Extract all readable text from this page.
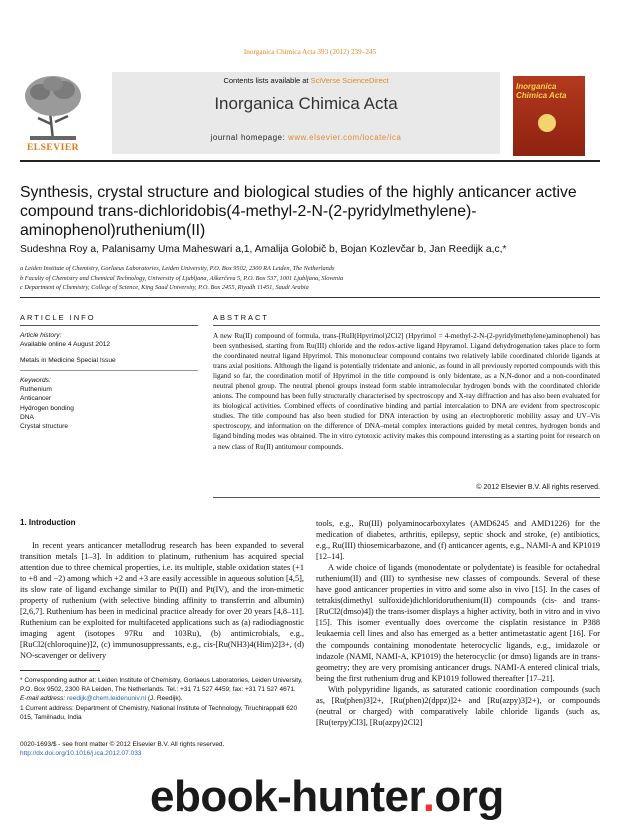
Inorganica Chimica Acta 393 (2012) 239–245
ELSEVIER
Contents lists available at SciVerse ScienceDirect
Inorganica Chimica Acta
journal homepage: www.elsevier.com/locate/ica
Inorganica Chimica Acta
Synthesis, crystal structure and biological studies of the highly anticancer active compound trans-dichloridobis(4-methyl-2-N-(2-pyridylmethylene)-aminophenol)ruthenium(II)
Sudeshna Roy a, Palanisamy Uma Maheswari a,1, Amalija Golobič b, Bojan Kozlevčar b, Jan Reedijk a,c,*
a Leiden Institute of Chemistry, Gorlaeus Laboratories, Leiden University, P.O. Box 9502, 2300 RA Leiden, The Netherlands
b Faculty of Chemistry and Chemical Technology, University of Ljubljana, Aškerčeva 5, P.O. Box 537, 1001 Ljubljana, Slovenia
c Department of Chemistry, College of Science, King Saud University, P.O. Box 2455, Riyadh 11451, Saudi Arabia
ARTICLE INFO	ABSTRACT
Article history:
Available online 4 August 2012
Metals in Medicine Special Issue
Keywords:
Ruthenium
Anticancer
Hydrogen bonding
DNA
Crystal structure
A new Ru(II) compound of formula, trans-[RuII(Hpyrimol)2Cl2] (Hpyrimol = 4-methyl-2-N-(2-pyridylmethylene)aminophenol) has been synthesised, starting from Ru(III) chloride and the redox-active ligand Hpyramol. Ligand dehydrogenation takes place to form the coordinated neutral ligand Hpyrimol. This mononuclear compound contains two relatively labile coordinated chloride ligands at trans axial positions. Although the ligand is potentially tridentate and anionic, as found in all previously reported compounds with this ligand so far, the coordination motif of Hpyrimol in the title compound is only bidentate, as a N,N-donor and a non-coordinated neutral phenol group. The neutral phenol groups instead form stable intramolecular hydrogen bonds with the coordinated chloride anions. The compound has been fully structurally characterised by spectroscopy and X-ray diffraction and has also been evaluated for its biological activities. Combined effects of coordinative binding and partial intercalation to DNA are evident from spectroscopic studies. The title compound has also been studied for DNA interaction by using an electrophoretic mobility assay and UV–Vis spectroscopy, and information on the difference of DNA–metal complex interactions guided by metal centres, hydrogen bonds and ligand binding modes was obtained. The in vitro cytotoxic activity makes this compound interesting as a starting point for research on a new class of Ru(II) antitumour compounds.
© 2012 Elsevier B.V. All rights reserved.
1. Introduction

In recent years anticancer metallodrug research has been expanded to several transition metals [1–3]. In addition to platinum, ruthenium has acquired special attention due to three chemical properties, i.e. its multiple, stable oxidation states (+1 to +8 and −2) among which +2 and +3 are easily accessible in aqueous solution [4,5], its slow rate of ligand exchange similar to Pt(II) and Pt(IV), and the iron-mimetic property of ruthenium (with selective binding affinity to transferrin and albumin) [2,6,7]. Ruthenium has been in medicinal practice already for over 20 years [4,8–11]. Ruthenium can be exploited for multifaceted applications such as (a) radiodiagnostic imaging agent (isotopes 97Ru and 103Ru), (b) antimicrobials, e.g., [RuCl2(chloroquine)]2, (c) immunosuppressants, e.g., cis-[Ru(NH3)4(Him)2]3+, (d) NO-scavenger or delivery

tools, e.g., Ru(III) polyaminocarboxylates (AMD6245 and AMD1226) for the medication of diabetes, arthritis, epilepsy, septic shock and stroke, (e) antibiotics, e.g., Ru(III) thiosemicarbazone, and (f) anticancer agents, e.g., NAMI-A and KP1019 [12–14].

A wide choice of ligands (monodentate or polydentate) is feasible for octahedral ruthenium(II) and (III) to synthesise new classes of compounds. Several of these have good anticancer properties in vitro and some also in vivo [15]. In the cases of tetrakis(dimethyl sulfoxide)dichloridoruthenium(II) compounds (cis- and trans-[RuCl2(dmso)4]) the trans-isomer displays a higher activity, both in vitro and in vivo [15]. This isomer eventually does overcome the cisplatin resistance in P388 leukaemia cell lines and also has emerged as a better antimetastatic agent [16]. For the compounds containing monodentate heterocyclic ligands, e.g., imidazole or indazole (NAMI, NAMI-A, KP1019) the heterocyclic (or dmso) ligands are in trans-geometry; they are very promising anticancer drugs. NAMI-A entered clinical trials, being the first ruthenium drug and KP1019 followed thereafter [17–21].

With polypyridine ligands, as saturated cationic coordination compounds (such as, [Ru(phen)3]2+, [Ru(phen)2(dppz)]2+ and [Ru(azpy)3]2+), or compounds (neutral or charged) with comparatively labile chloride ligands (such as, [Ru(terpy)Cl3], [Ru(azpy)2Cl2]

* Corresponding author at: Leiden Institute of Chemistry, Gorlaeus Laboratories, Leiden University, P.O. Box 9502, 2300 RA Leiden, The Netherlands. Tel.: +31 71 527 4459; fax: +31 71 527 4671.
E-mail address: reedijk@chem.leidenuniv.nl (J. Reedijk).
1 Current address: Department of Chemistry, National Institute of Technology, Tiruchirappalli 620 015, Tamilnadu, India
0020-1693/$ - see front matter © 2012 Elsevier B.V. All rights reserved.
http://dx.doi.org/10.1016/j.ica.2012.07.033
ebook-hunter.org
